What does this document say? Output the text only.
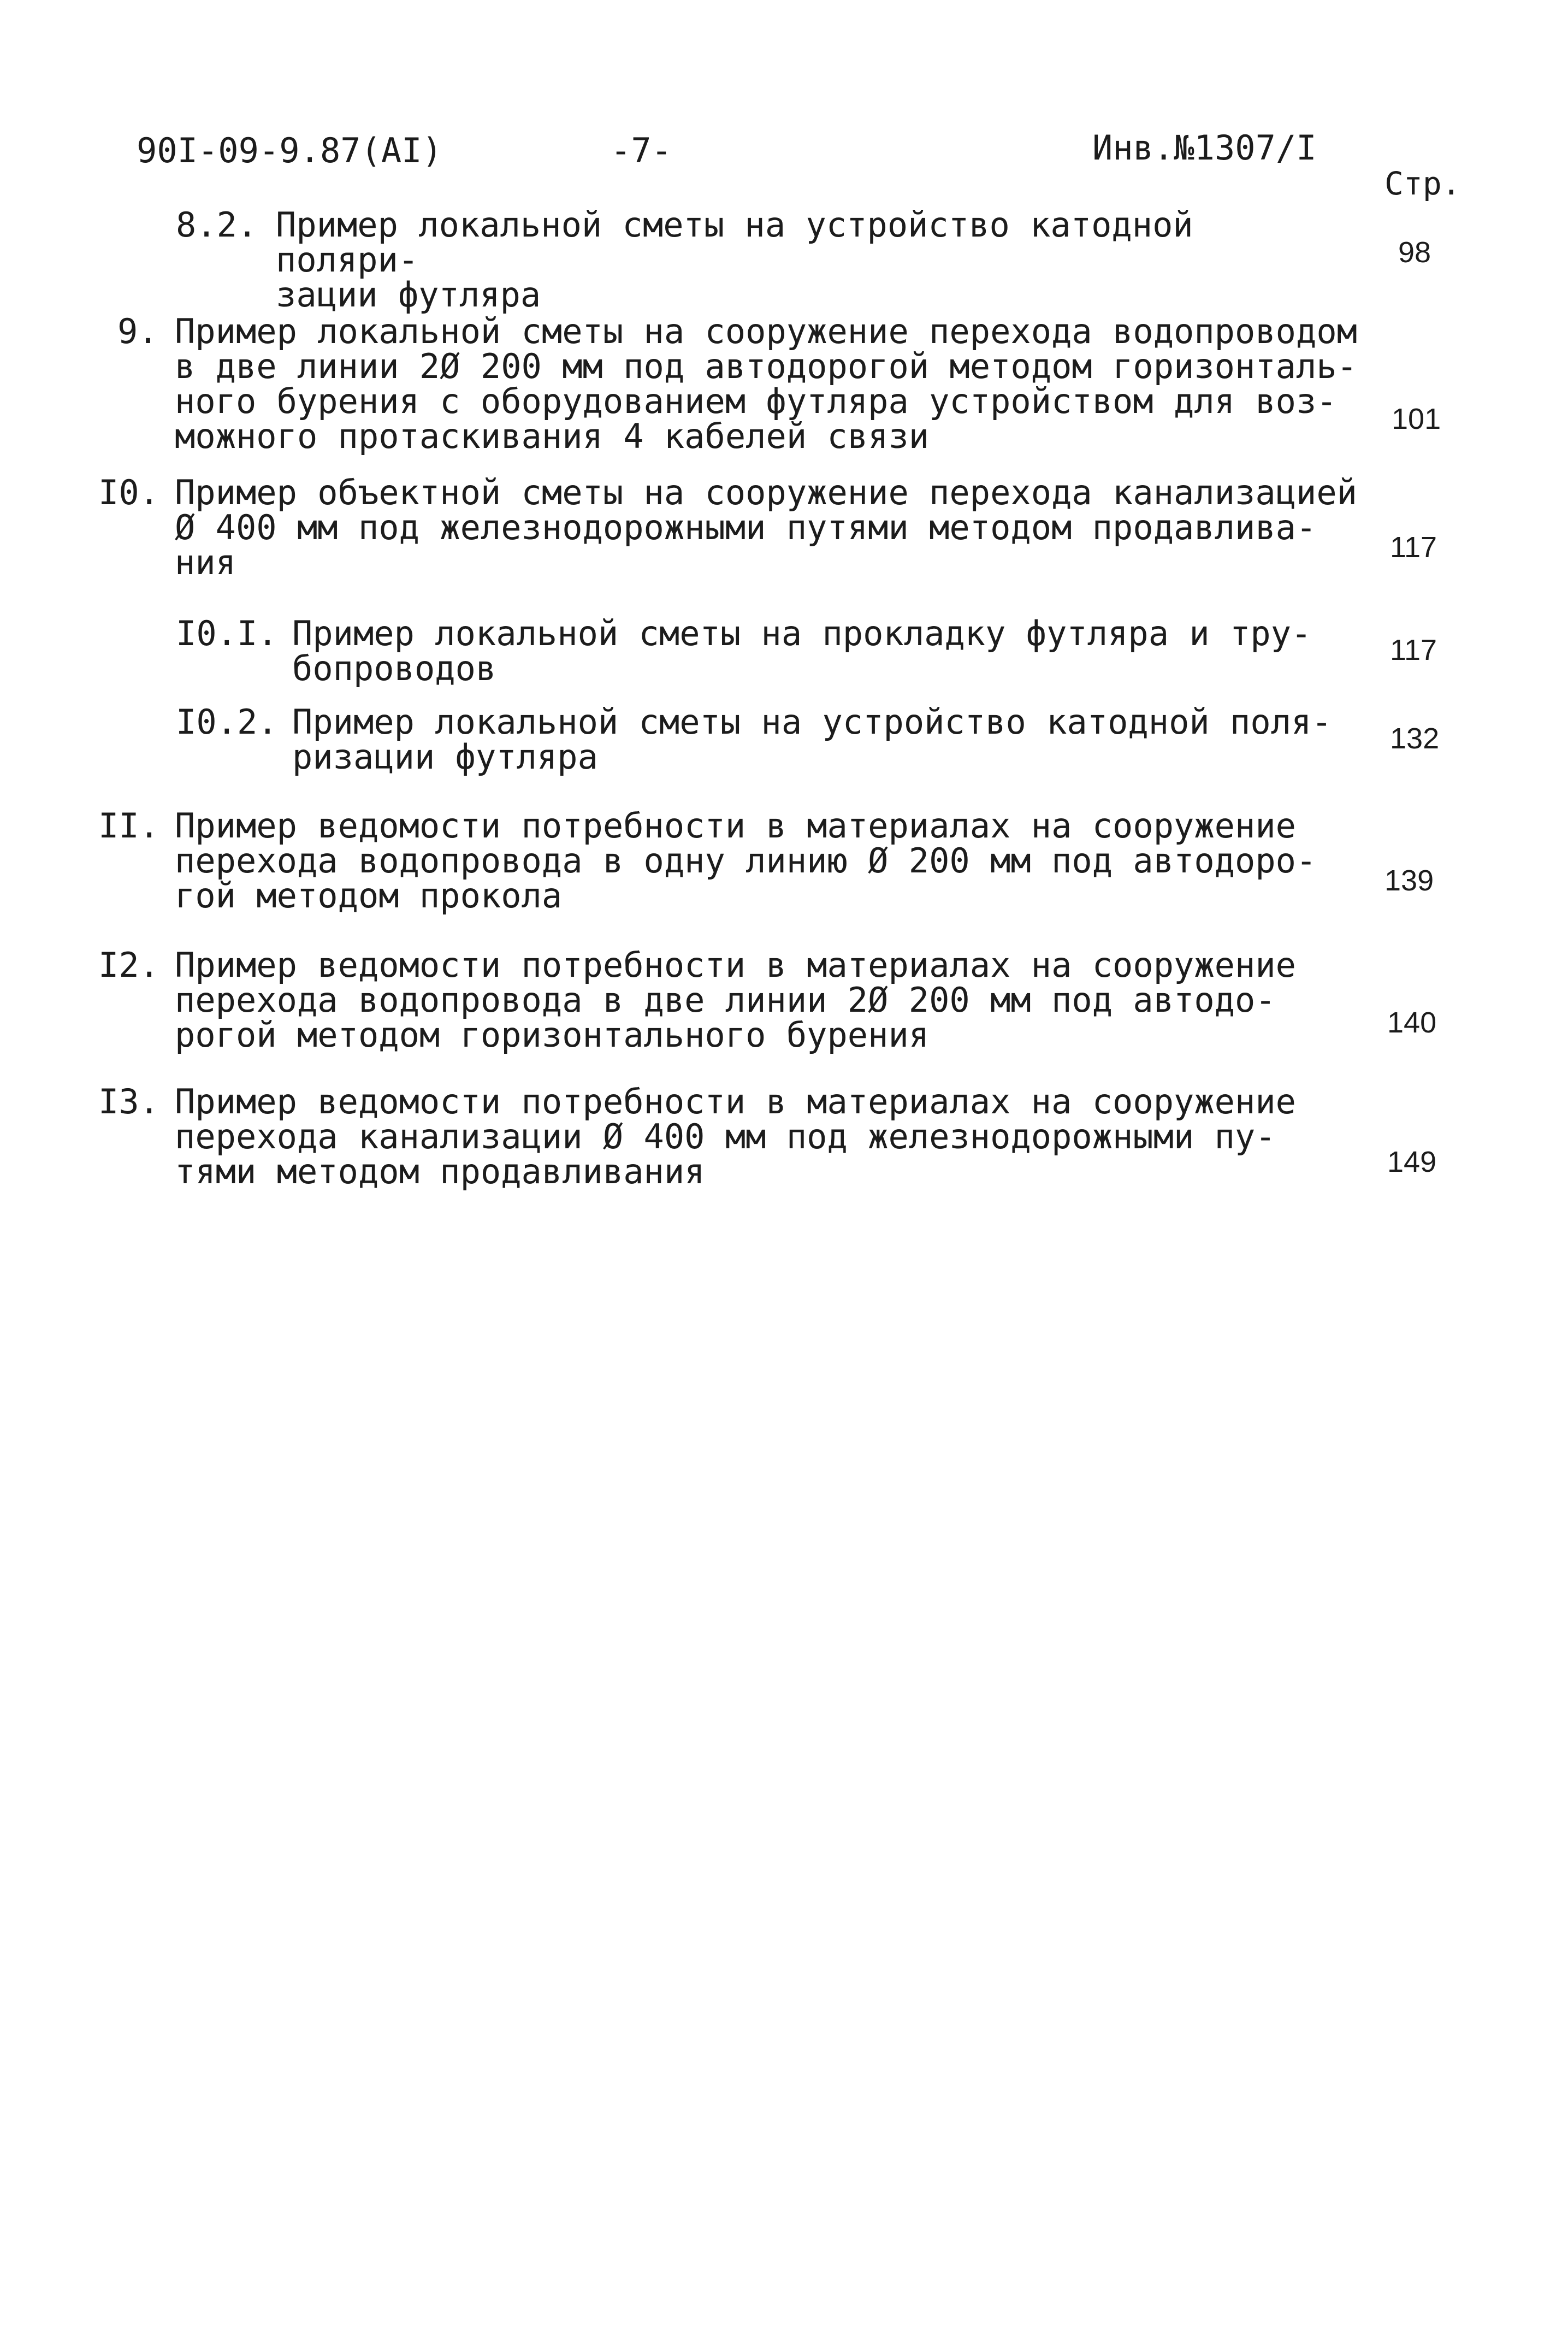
90I-09-9.87(AI)	-7-	Инв.№1307/I
Стр.
8.2. Пример локальной сметы на устройство катодной поляри-
зации футляра
98
9. Пример локальной сметы на сооружение перехода водопроводом
в две линии 2Ø 200 мм под автодорогой методом горизонталь-
ного бурения с оборудованием футляра устройством для воз-
можного протаскивания 4 кабелей связи	101
I0. Пример объектной сметы на сооружение перехода канализацией
Ø 400 мм под железнодорожными путями методом продавлива-
ния	117
I0.I. Пример локальной сметы на прокладку футляра и тру-
бопроводов	117
I0.2. Пример локальной сметы на устройство катодной поля-
ризации футляра	132
II. Пример ведомости потребности в материалах на сооружение
перехода водопровода в одну линию Ø 200 мм под автодоро-
гой методом прокола	139
I2. Пример ведомости потребности в материалах на сооружение
перехода водопровода в две линии 2Ø 200 мм под автодо-
рогой методом горизонтального бурения	140
I3. Пример ведомости потребности в материалах на сооружение
перехода канализации Ø 400 мм под железнодорожными пу-
тями методом продавливания	149
